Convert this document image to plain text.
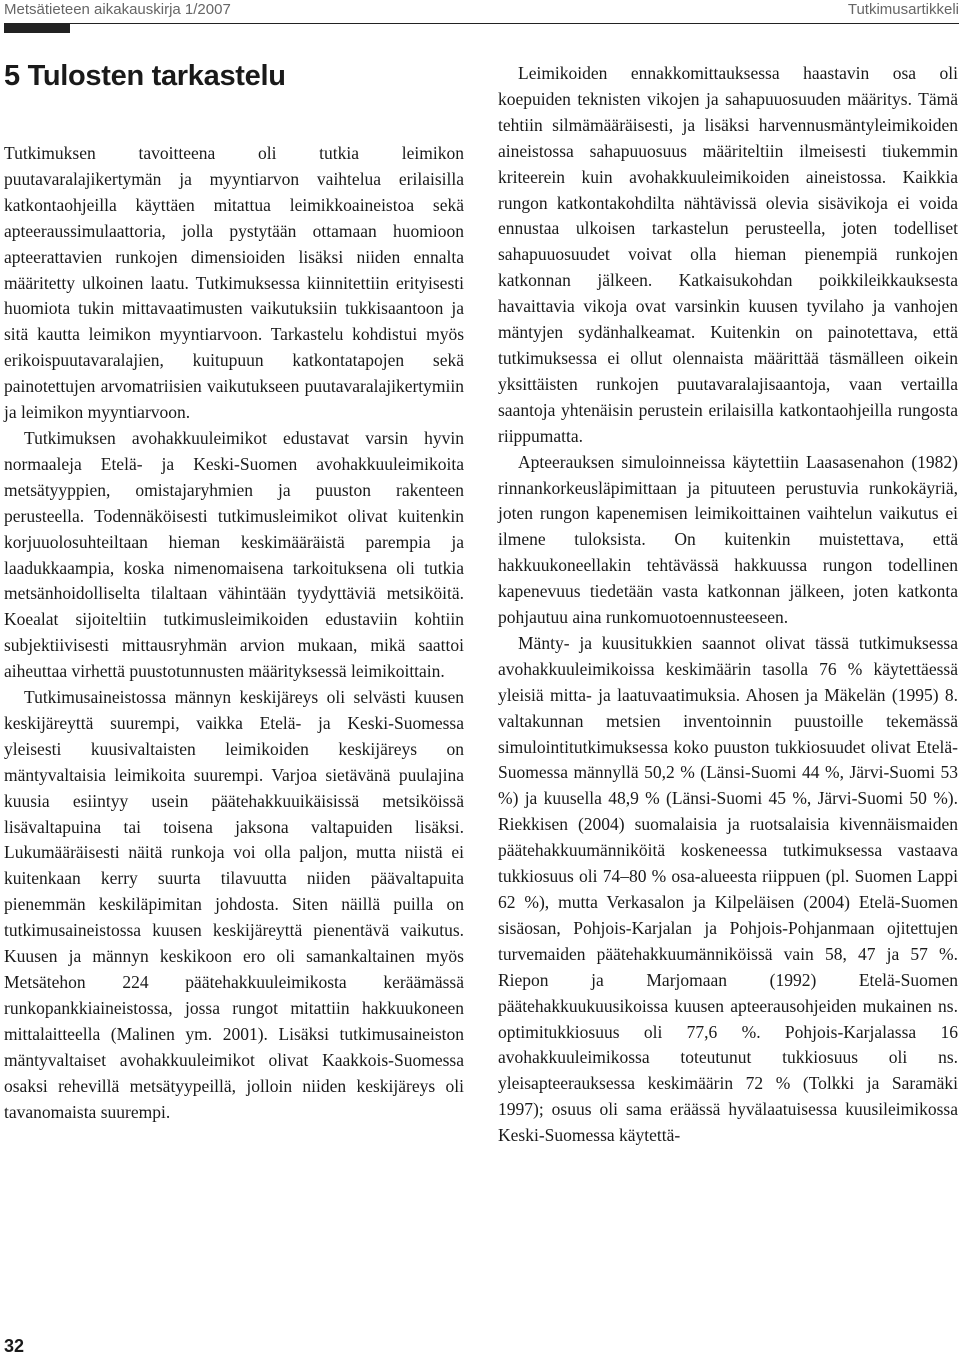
Metsätieteen aikakauskirja 1/2007	Tutkimusartikkeli
5 Tulosten tarkastelu

Tutkimuksen tavoitteena oli tutkia leimikon puutavaralajikertymän ja myyntiarvon vaihtelua erilaisilla katkontaohjeilla käyttäen mitattua leimikkoaineistoa sekä apteeraussimulaattoria, jolla pystytään ottamaan huomioon apteerattavien runkojen dimensioiden lisäksi niiden ennalta määritetty ulkoinen laatu. Tutkimuksessa kiinnitettiin erityisesti huomiota tukin mittavaatimusten vaikutuksiin tukkisaantoon ja sitä kautta leimikon myyntiarvoon. Tarkastelu kohdistui myös erikoispuutavaralajien, kuitupuun katkontatapojen sekä painotettujen arvomatriisien vaikutukseen puutavaralajikertymiin ja leimikon myyntiarvoon.

Tutkimuksen avohakkuuleimikot edustavat varsin hyvin normaaleja Etelä- ja Keski-Suomen avohakkuuleimikoita metsätyyppien, omistajaryhmien ja puuston rakenteen perusteella. Todennäköisesti tutkimusleimikot olivat kuitenkin korjuuolosuhteiltaan hieman keskimääräistä parempia ja laadukkaampia, koska nimenomaisena tarkoituksena oli tutkia metsänhoidolliselta tilaltaan vähintään tyydyttäviä metsiköitä. Koealat sijoiteltiin tutkimusleimikoiden edustaviin kohtiin subjektiivisesti mittausryhmän arvion mukaan, mikä saattoi aiheuttaa virhettä puustotunnusten määrityksessä leimikoittain.

Tutkimusaineistossa männyn keskijäreys oli selvästi kuusen keskijäreyttä suurempi, vaikka Etelä- ja Keski-Suomessa yleisesti kuusivaltaisten leimikoiden keskijäreys on mäntyvaltaisia leimikoita suurempi. Varjoa sietävänä puulajina kuusia esiintyy usein päätehakkuuikäisissä metsiköissä lisävaltapuina tai toisena jaksona valtapuiden lisäksi. Lukumääräisesti näitä runkoja voi olla paljon, mutta niistä ei kuitenkaan kerry suurta tilavuutta niiden päävaltapuita pienemmän keskiläpimitan johdosta. Siten näillä puilla on tutkimusaineistossa kuusen keskijäreyttä pienentävä vaikutus. Kuusen ja männyn keskikoon ero oli samankaltainen myös Metsätehon 224 päätehakkuuleimikosta keräämässä runkopankkiaineistossa, jossa rungot mitattiin hakkuukoneen mittalaitteella (Malinen ym. 2001). Lisäksi tutkimusaineiston mäntyvaltaiset avohakkuuleimikot olivat Kaakkois-Suomessa osaksi rehevillä metsätyypeillä, jolloin niiden keskijäreys oli tavanomaista suurempi.

Leimikoiden ennakkomittauksessa haastavin osa oli koepuiden teknisten vikojen ja sahapuuosuuden määritys. Tämä tehtiin silmämääräisesti, ja lisäksi harvennusmäntyleimikoiden aineistossa sahapuuosuus määriteltiin ilmeisesti tiukemmin kriteerein kuin avohakkuuleimikoiden aineistossa. Kaikkia rungon katkontakohdilta nähtävissä olevia sisävikoja ei voida ennustaa ulkoisen tarkastelun perusteella, joten todelliset sahapuuosuudet voivat olla hieman pienempiä runkojen katkonnan jälkeen. Katkaisukohdan poikkileikkauksesta havaittavia vikoja ovat varsinkin kuusen tyvilaho ja vanhojen mäntyjen sydänhalkeamat. Kuitenkin on painotettava, että tutkimuksessa ei ollut olennaista määrittää täsmälleen oikein yksittäisten runkojen puutavaralajisaantoja, vaan vertailla saantoja yhtenäisin perustein erilaisilla katkontaohjeilla rungosta riippumatta.

Apteerauksen simuloinneissa käytettiin Laasasenahon (1982) rinnankorkeusläpimittaan ja pituuteen perustuvia runkokäyriä, joten rungon kapenemisen leimikoittainen vaihtelun vaikutus ei ilmene tuloksista. On kuitenkin muistettava, että hakkuukoneellakin tehtävässä hakkuussa rungon todellinen kapenevuus tiedetään vasta katkonnan jälkeen, joten katkonta pohjautuu aina runkomuotoennusteeseen.

Mänty- ja kuusitukkien saannot olivat tässä tutkimuksessa avohakkuuleimikoissa keskimäärin tasolla 76 % käytettäessä yleisiä mitta- ja laatuvaatimuksia. Ahosen ja Mäkelän (1995) 8. valtakunnan metsien inventoinnin puustoille tekemässä simulointitutkimuksessa koko puuston tukkiosuudet olivat Etelä-Suomessa männyllä 50,2 % (Länsi-Suomi 44 %, Järvi-Suomi 53 %) ja kuusella 48,9 % (Länsi-Suomi 45 %, Järvi-Suomi 50 %). Riekkisen (2004) suomalaisia ja ruotsalaisia kivennäismaiden päätehakkuumänniköitä koskeneessa tutkimuksessa vastaava tukkiosuus oli 74–80 % osa-alueesta riippuen (pl. Suomen Lappi 62 %), mutta Verkasalon ja Kilpeläisen (2004) Etelä-Suomen sisäosan, Pohjois-Karjalan ja Pohjois-Pohjanmaan ojitettujen turvemaiden päätehakkuumänniköissä vain 58, 47 ja 57 %. Riepon ja Marjomaan (1992) Etelä-Suomen päätehakkuukuusikoissa kuusen apteerausohjeiden mukainen ns. optimitukkiosuus oli 77,6 %. Pohjois-Karjalassa 16 avohakkuuleimikossa toteutunut tukkiosuus oli ns. yleisapteerauksessa keskimäärin 72 % (Tolkki ja Saramäki 1997); osuus oli sama eräässä hyvälaatuisessa kuusileimikossa Keski-Suomessa käytettä-

32
